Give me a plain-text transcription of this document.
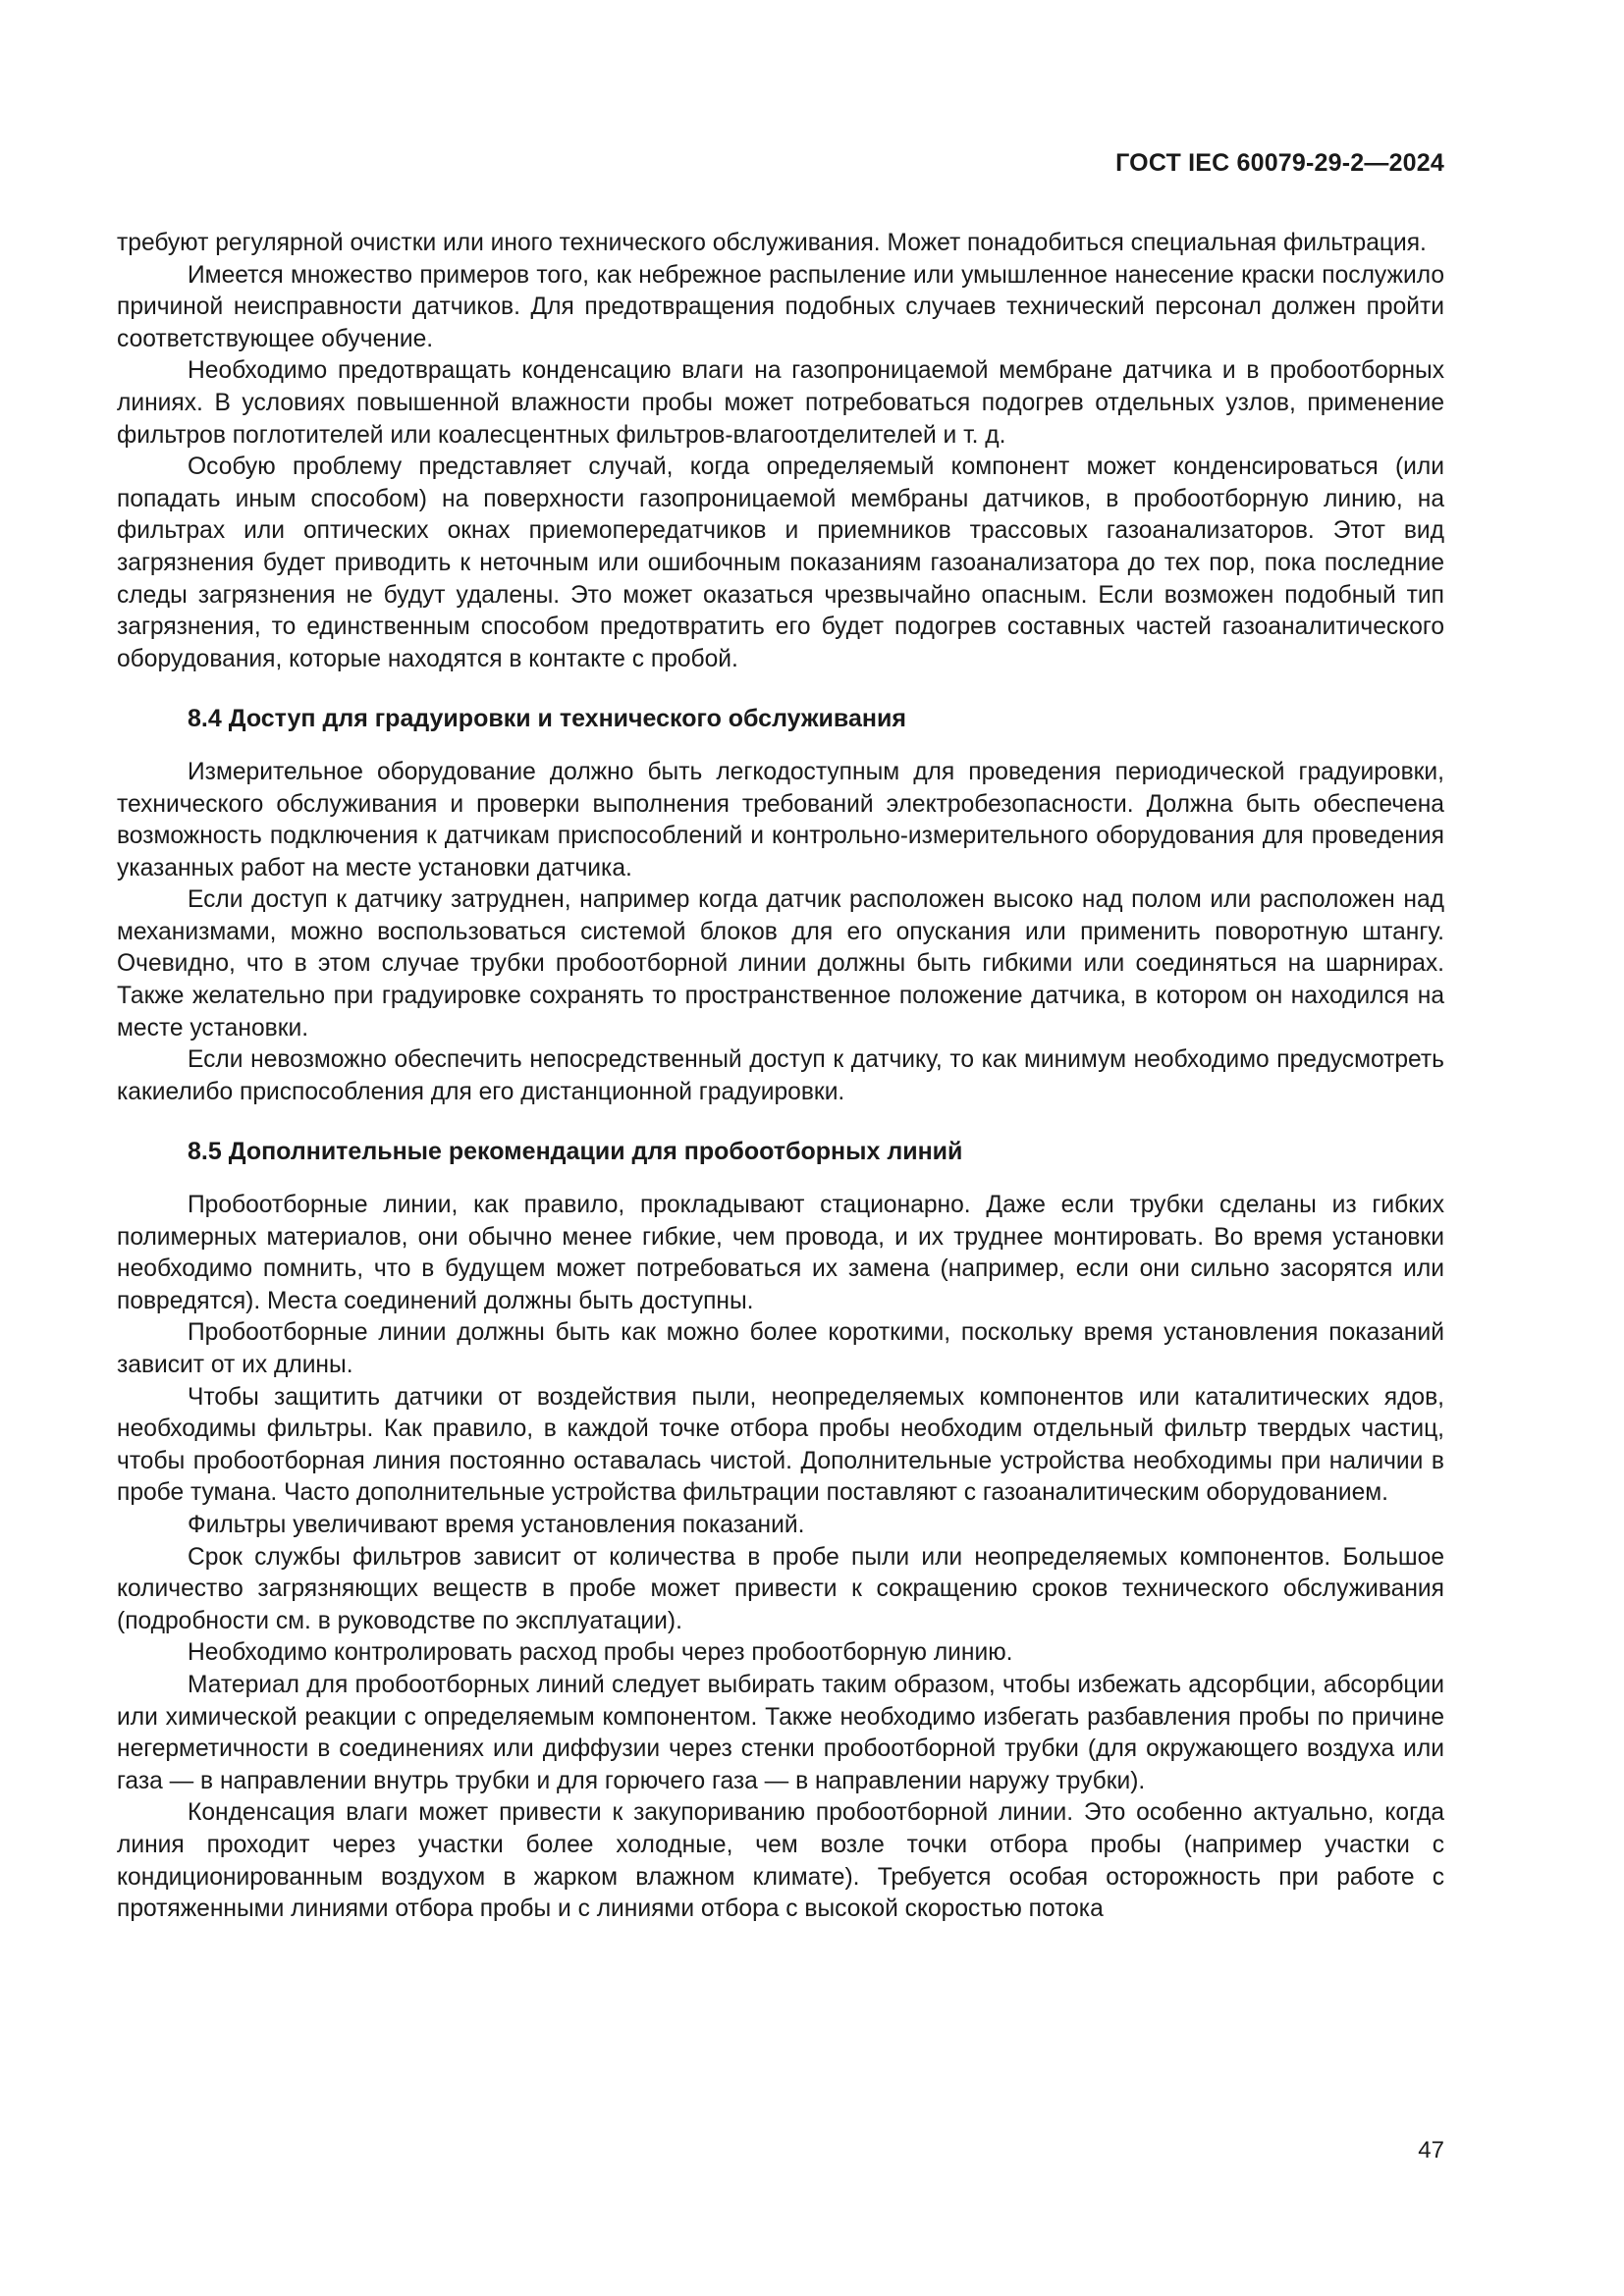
ГОСТ IEC 60079-29-2—2024

требуют регулярной очистки или иного технического обслуживания. Может понадобиться специальная фильтрация.

Имеется множество примеров того, как небрежное распыление или умышленное нанесение краски послужило причиной неисправности датчиков. Для предотвращения подобных случаев технический персонал должен пройти соответствующее обучение.

Необходимо предотвращать конденсацию влаги на газопроницаемой мембране датчика и в пробоотборных линиях. В условиях повышенной влажности пробы может потребоваться подогрев отдельных узлов, применение фильтров поглотителей или коалесцентных фильтров-влагоотделителей и т. д.

Особую проблему представляет случай, когда определяемый компонент может конденсироваться (или попадать иным способом) на поверхности газопроницаемой мембраны датчиков, в пробоотборную линию, на фильтрах или оптических окнах приемопередатчиков и приемников трассовых газоанализаторов. Этот вид загрязнения будет приводить к неточным или ошибочным показаниям газоанализатора до тех пор, пока последние следы загрязнения не будут удалены. Это может оказаться чрезвычайно опасным. Если возможен подобный тип загрязнения, то единственным способом предотвратить его будет подогрев составных частей газоаналитического оборудования, которые находятся в контакте с пробой.

8.4 Доступ для градуировки и технического обслуживания

Измерительное оборудование должно быть легкодоступным для проведения периодической градуировки, технического обслуживания и проверки выполнения требований электробезопасности. Должна быть обеспечена возможность подключения к датчикам приспособлений и контрольно-измерительного оборудования для проведения указанных работ на месте установки датчика.

Если доступ к датчику затруднен, например когда датчик расположен высоко над полом или расположен над механизмами, можно воспользоваться системой блоков для его опускания или применить поворотную штангу. Очевидно, что в этом случае трубки пробоотборной линии должны быть гибкими или соединяться на шарнирах. Также желательно при градуировке сохранять то пространственное положение датчика, в котором он находился на месте установки.

Если невозможно обеспечить непосредственный доступ к датчику, то как минимум необходимо предусмотреть какиелибо приспособления для его дистанционной градуировки.

8.5 Дополнительные рекомендации для пробоотборных линий

Пробоотборные линии, как правило, прокладывают стационарно. Даже если трубки сделаны из гибких полимерных материалов, они обычно менее гибкие, чем провода, и их труднее монтировать. Во время установки необходимо помнить, что в будущем может потребоваться их замена (например, если они сильно засорятся или повредятся). Места соединений должны быть доступны.

Пробоотборные линии должны быть как можно более короткими, поскольку время установления показаний зависит от их длины.

Чтобы защитить датчики от воздействия пыли, неопределяемых компонентов или каталитических ядов, необходимы фильтры. Как правило, в каждой точке отбора пробы необходим отдельный фильтр твердых частиц, чтобы пробоотборная линия постоянно оставалась чистой. Дополнительные устройства необходимы при наличии в пробе тумана. Часто дополнительные устройства фильтрации поставляют с газоаналитическим оборудованием.

Фильтры увеличивают время установления показаний.

Срок службы фильтров зависит от количества в пробе пыли или неопределяемых компонентов. Большое количество загрязняющих веществ в пробе может привести к сокращению сроков технического обслуживания (подробности см. в руководстве по эксплуатации).

Необходимо контролировать расход пробы через пробоотборную линию.

Материал для пробоотборных линий следует выбирать таким образом, чтобы избежать адсорбции, абсорбции или химической реакции с определяемым компонентом. Также необходимо избегать разбавления пробы по причине негерметичности в соединениях или диффузии через стенки пробоотборной трубки (для окружающего воздуха или газа — в направлении внутрь трубки и для горючего газа — в направлении наружу трубки).

Конденсация влаги может привести к закупориванию пробоотборной линии. Это особенно актуально, когда линия проходит через участки более холодные, чем возле точки отбора пробы (например участки с кондиционированным воздухом в жарком влажном климате). Требуется особая осторожность при работе с протяженными линиями отбора пробы и с линиями отбора с высокой скоростью потока

47
